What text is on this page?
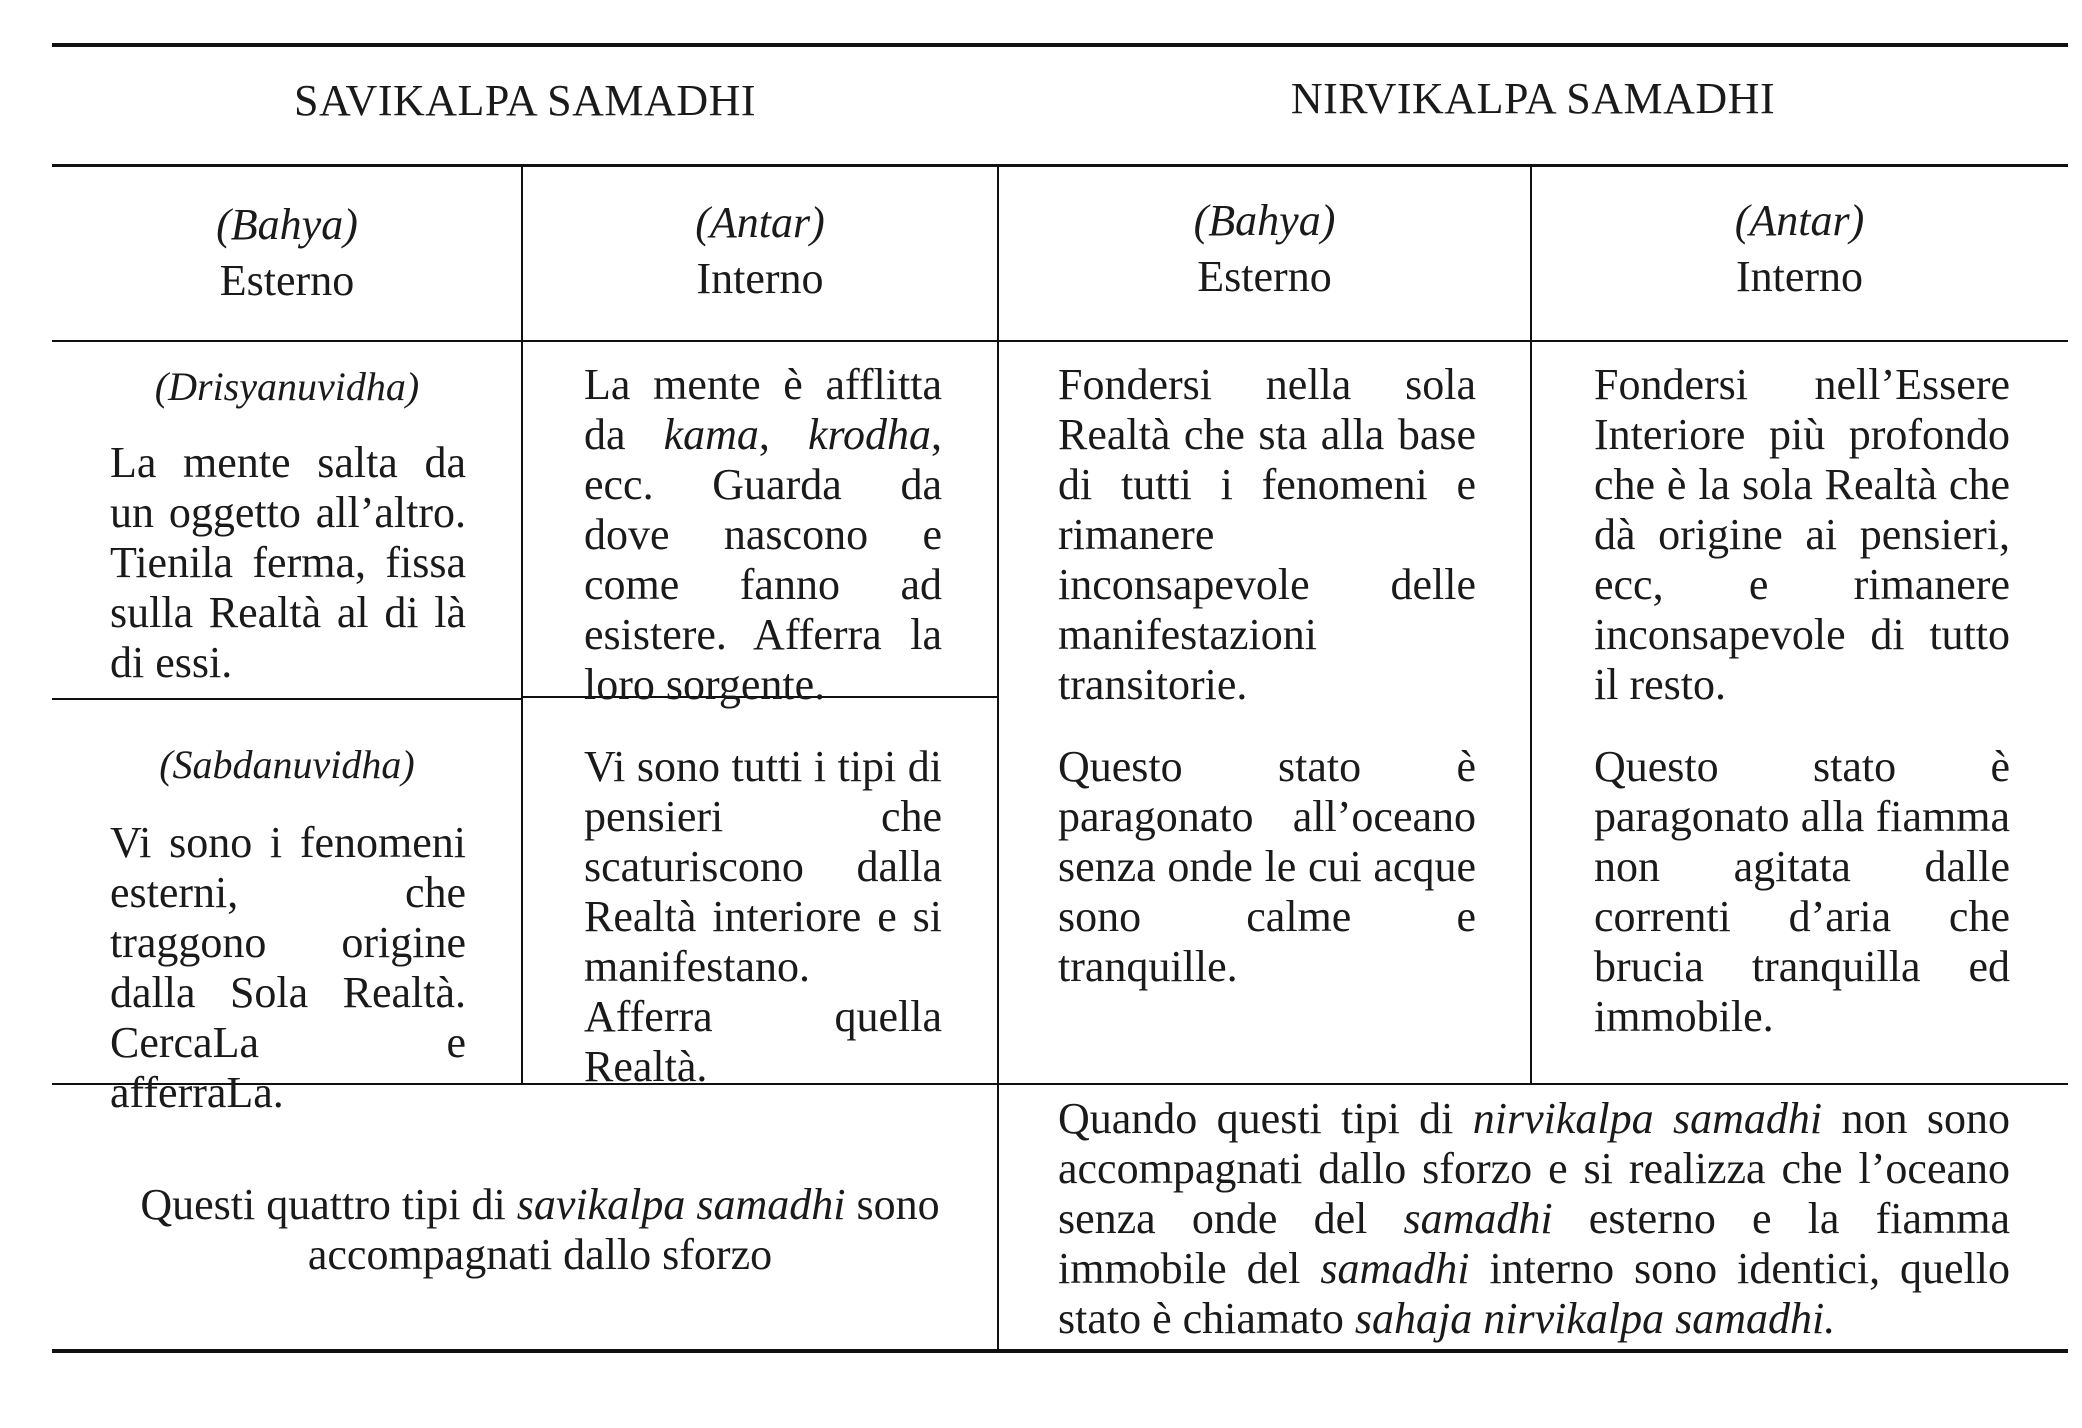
SAVIKALPA SAMADHI	NIRVIKALPA SAMADHI
(Bahya)
Esterno
(Antar)
Interno
(Bahya)
Esterno
(Antar)
Interno
(Drisyanuvidha)
La mente salta da un oggetto all’altro. Tienila ferma, fissa sulla Realtà al di là di essi.
(Sabdanuvidha)
Vi sono i fenomeni esterni, che traggono origine dalla Sola Realtà. CercaLa e afferraLa.
La mente è afflitta da kama, krodha, ecc. Guarda da dove nascono e come fanno ad esistere. Afferra la loro sorgente.
Vi sono tutti i tipi di pensieri che scaturiscono dalla Realtà interiore e si manifestano. Afferra quella Realtà.
Fondersi nella sola Realtà che sta alla base di tutti i fenomeni e rimanere inconsapevole delle manifestazioni transitorie.
Questo stato è paragonato all’oceano senza onde le cui acque sono calme e tranquille.
Fondersi nell’Essere Interiore più profondo che è la sola Realtà che dà origine ai pensieri, ecc, e rimanere inconsapevole di tutto il resto.
Questo stato è paragonato alla fiamma non agitata dalle correnti d’aria che brucia tranquilla ed immobile.
Questi quattro tipi di savikalpa samadhi sono accompagnati dallo sforzo
Quando questi tipi di nirvikalpa samadhi non sono accompagnati dallo sforzo e si realizza che l’oceano senza onde del samadhi esterno e la fiamma immobile del samadhi interno sono identici, quello stato è chiamato sahaja nirvikalpa samadhi.
